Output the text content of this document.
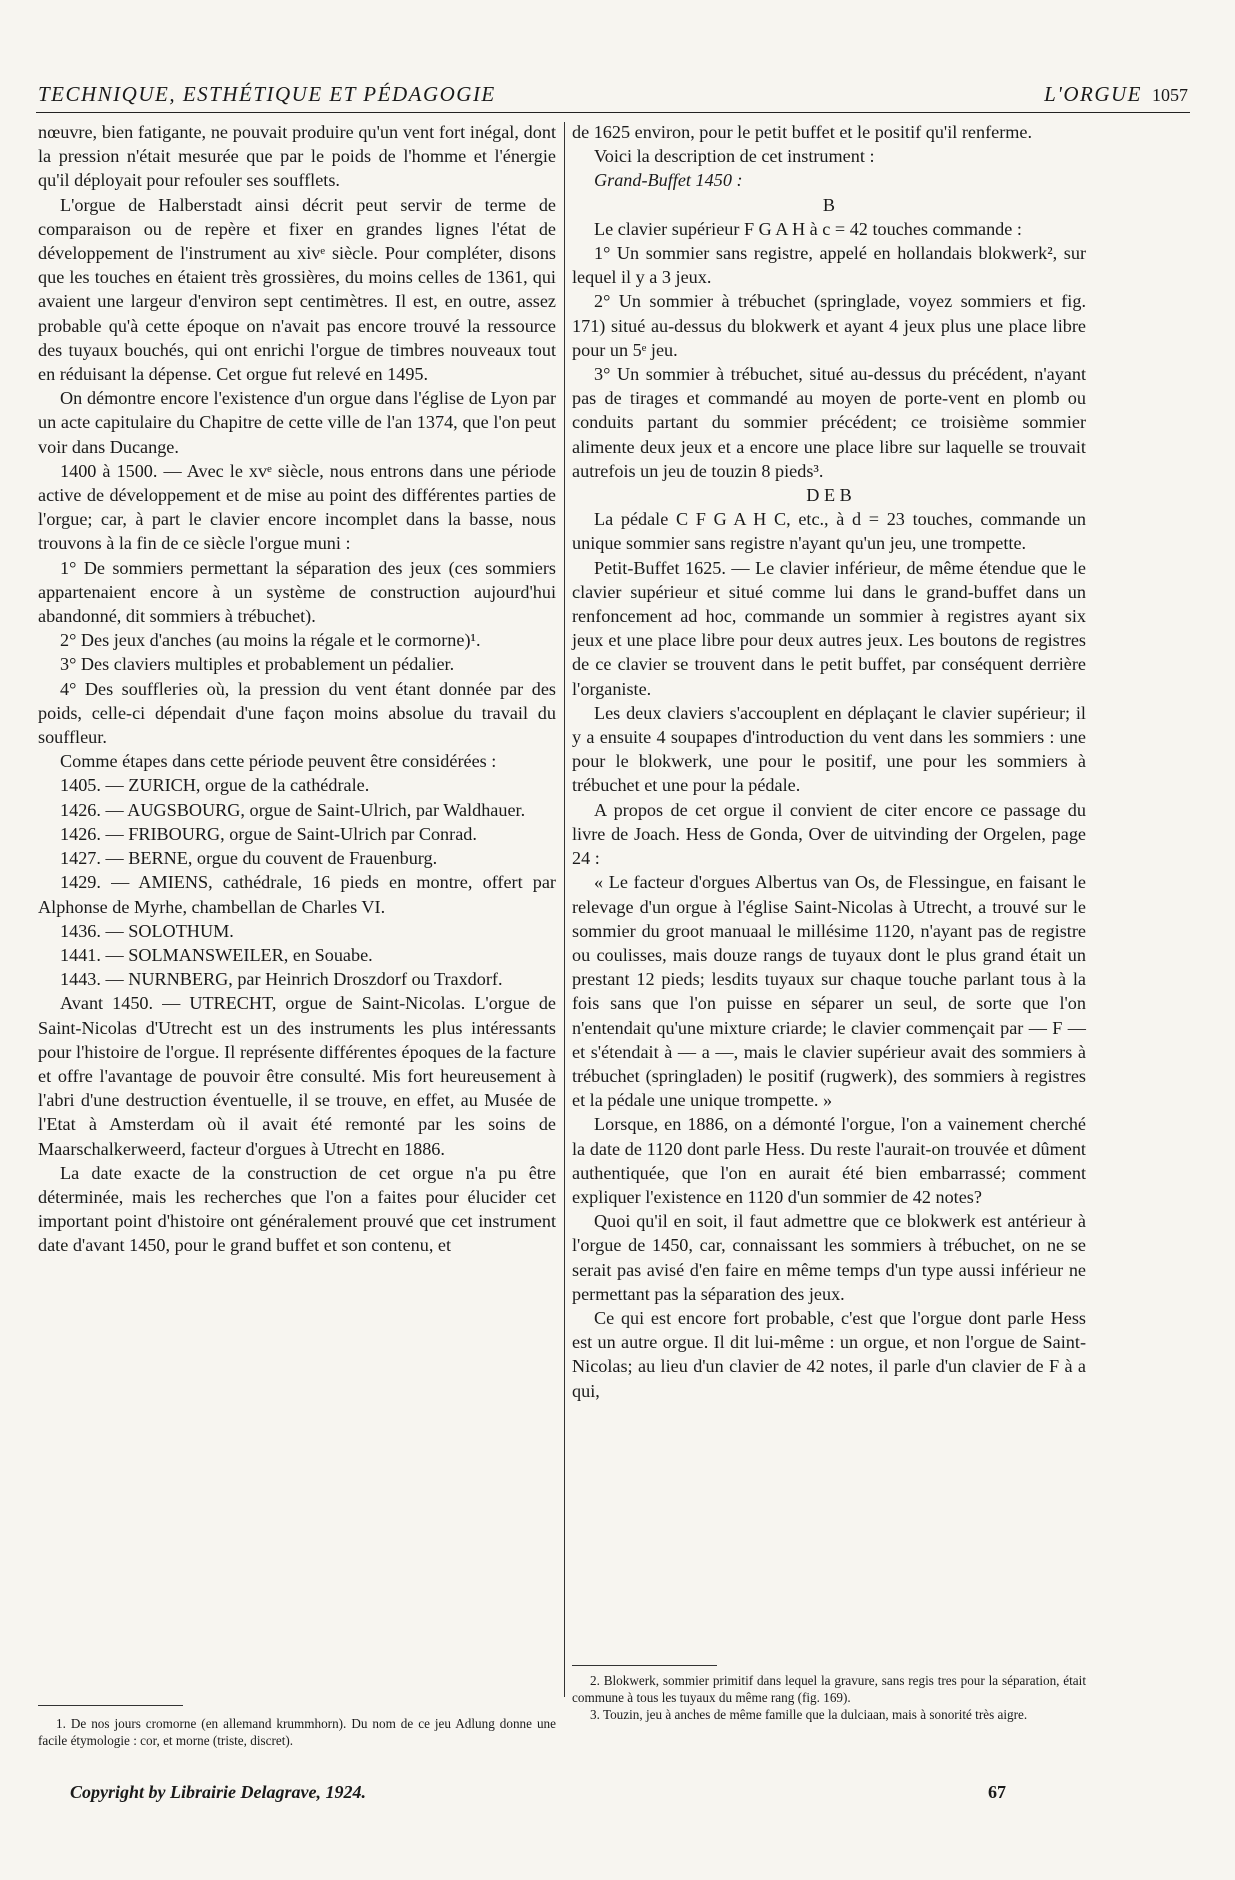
TECHNIQUE, ESTHÉTIQUE ET PÉDAGOGIE	L'ORGUE 1057

nœuvre, bien fatigante, ne pouvait produire qu'un vent fort inégal, dont la pression n'était mesurée que par le poids de l'homme et l'énergie qu'il déployait pour refouler ses soufflets.

L'orgue de Halberstadt ainsi décrit peut servir de terme de comparaison ou de repère et fixer en grandes lignes l'état de développement de l'instrument au xivᵉ siècle. Pour compléter, disons que les touches en étaient très grossières, du moins celles de 1361, qui avaient une largeur d'environ sept centimètres. Il est, en outre, assez probable qu'à cette époque on n'avait pas encore trouvé la ressource des tuyaux bouchés, qui ont enrichi l'orgue de timbres nouveaux tout en réduisant la dépense. Cet orgue fut relevé en 1495.

On démontre encore l'existence d'un orgue dans l'église de Lyon par un acte capitulaire du Chapitre de cette ville de l'an 1374, que l'on peut voir dans Ducange.

1400 à 1500. — Avec le xvᵉ siècle, nous entrons dans une période active de développement et de mise au point des différentes parties de l'orgue; car, à part le clavier encore incomplet dans la basse, nous trouvons à la fin de ce siècle l'orgue muni :

1° De sommiers permettant la séparation des jeux (ces sommiers appartenaient encore à un système de construction aujourd'hui abandonné, dit sommiers à trébuchet).

2° Des jeux d'anches (au moins la régale et le cormorne)¹.

3° Des claviers multiples et probablement un pédalier.

4° Des souffleries où, la pression du vent étant donnée par des poids, celle-ci dépendait d'une façon moins absolue du travail du souffleur.

Comme étapes dans cette période peuvent être considérées :

1405. — ZURICH, orgue de la cathédrale.

1426. — AUGSBOURG, orgue de Saint-Ulrich, par Waldhauer.

1426. — FRIBOURG, orgue de Saint-Ulrich par Conrad.

1427. — BERNE, orgue du couvent de Frauenburg.

1429. — AMIENS, cathédrale, 16 pieds en montre, offert par Alphonse de Myrhe, chambellan de Charles VI.

1436. — SOLOTHUM.

1441. — SOLMANSWEILER, en Souabe.

1443. — NURNBERG, par Heinrich Droszdorf ou Traxdorf.

Avant 1450. — UTRECHT, orgue de Saint-Nicolas. L'orgue de Saint-Nicolas d'Utrecht est un des instruments les plus intéressants pour l'histoire de l'orgue. Il représente différentes époques de la facture et offre l'avantage de pouvoir être consulté. Mis fort heureusement à l'abri d'une destruction éventuelle, il se trouve, en effet, au Musée de l'Etat à Amsterdam où il avait été remonté par les soins de Maarschalkerweerd, facteur d'orgues à Utrecht en 1886.

La date exacte de la construction de cet orgue n'a pu être déterminée, mais les recherches que l'on a faites pour élucider cet important point d'histoire ont généralement prouvé que cet instrument date d'avant 1450, pour le grand buffet et son contenu, et

de 1625 environ, pour le petit buffet et le positif qu'il renferme.

Voici la description de cet instrument :

Grand-Buffet 1450 :

B

Le clavier supérieur F G A H à c = 42 touches commande :

1° Un sommier sans registre, appelé en hollandais blokwerk², sur lequel il y a 3 jeux.

2° Un sommier à trébuchet (springlade, voyez sommiers et fig. 171) situé au-dessus du blokwerk et ayant 4 jeux plus une place libre pour un 5ᵉ jeu.

3° Un sommier à trébuchet, situé au-dessus du précédent, n'ayant pas de tirages et commandé au moyen de porte-vent en plomb ou conduits partant du sommier précédent; ce troisième sommier alimente deux jeux et a encore une place libre sur laquelle se trouvait autrefois un jeu de touzin 8 pieds³.

D E B

La pédale C F G A H C, etc., à d = 23 touches, commande un unique sommier sans registre n'ayant qu'un jeu, une trompette.

Petit-Buffet 1625. — Le clavier inférieur, de même étendue que le clavier supérieur et situé comme lui dans le grand-buffet dans un renfoncement ad hoc, commande un sommier à registres ayant six jeux et une place libre pour deux autres jeux. Les boutons de registres de ce clavier se trouvent dans le petit buffet, par conséquent derrière l'organiste.

Les deux claviers s'accouplent en déplaçant le clavier supérieur; il y a ensuite 4 soupapes d'introduction du vent dans les sommiers : une pour le blokwerk, une pour le positif, une pour les sommiers à trébuchet et une pour la pédale.

A propos de cet orgue il convient de citer encore ce passage du livre de Joach. Hess de Gonda, Over de uitvinding der Orgelen, page 24 :

« Le facteur d'orgues Albertus van Os, de Flessingue, en faisant le relevage d'un orgue à l'église Saint-Nicolas à Utrecht, a trouvé sur le sommier du groot manuaal le millésime 1120, n'ayant pas de registre ou coulisses, mais douze rangs de tuyaux dont le plus grand était un prestant 12 pieds; lesdits tuyaux sur chaque touche parlant tous à la fois sans que l'on puisse en séparer un seul, de sorte que l'on n'entendait qu'une mixture criarde; le clavier commençait par — F — et s'étendait à — a —, mais le clavier supérieur avait des sommiers à trébuchet (springladen) le positif (rugwerk), des sommiers à registres et la pédale une unique trompette. »

Lorsque, en 1886, on a démonté l'orgue, l'on a vainement cherché la date de 1120 dont parle Hess. Du reste l'aurait-on trouvée et dûment authentiquée, que l'on en aurait été bien embarrassé; comment expliquer l'existence en 1120 d'un sommier de 42 notes?

Quoi qu'il en soit, il faut admettre que ce blokwerk est antérieur à l'orgue de 1450, car, connaissant les sommiers à trébuchet, on ne se serait pas avisé d'en faire en même temps d'un type aussi inférieur ne permettant pas la séparation des jeux.

Ce qui est encore fort probable, c'est que l'orgue dont parle Hess est un autre orgue. Il dit lui-même : un orgue, et non l'orgue de Saint-Nicolas; au lieu d'un clavier de 42 notes, il parle d'un clavier de F à a qui,

1. De nos jours cromorne (en allemand krummhorn). Du nom de ce jeu Adlung donne une facile étymologie : cor, et morne (triste, discret).

2. Blokwerk, sommier primitif dans lequel la gravure, sans regis tres pour la séparation, était commune à tous les tuyaux du même rang (fig. 169).

3. Touzin, jeu à anches de même famille que la dulciaan, mais à sonorité très aigre.

Copyright by Librairie Delagrave, 1924.	67
